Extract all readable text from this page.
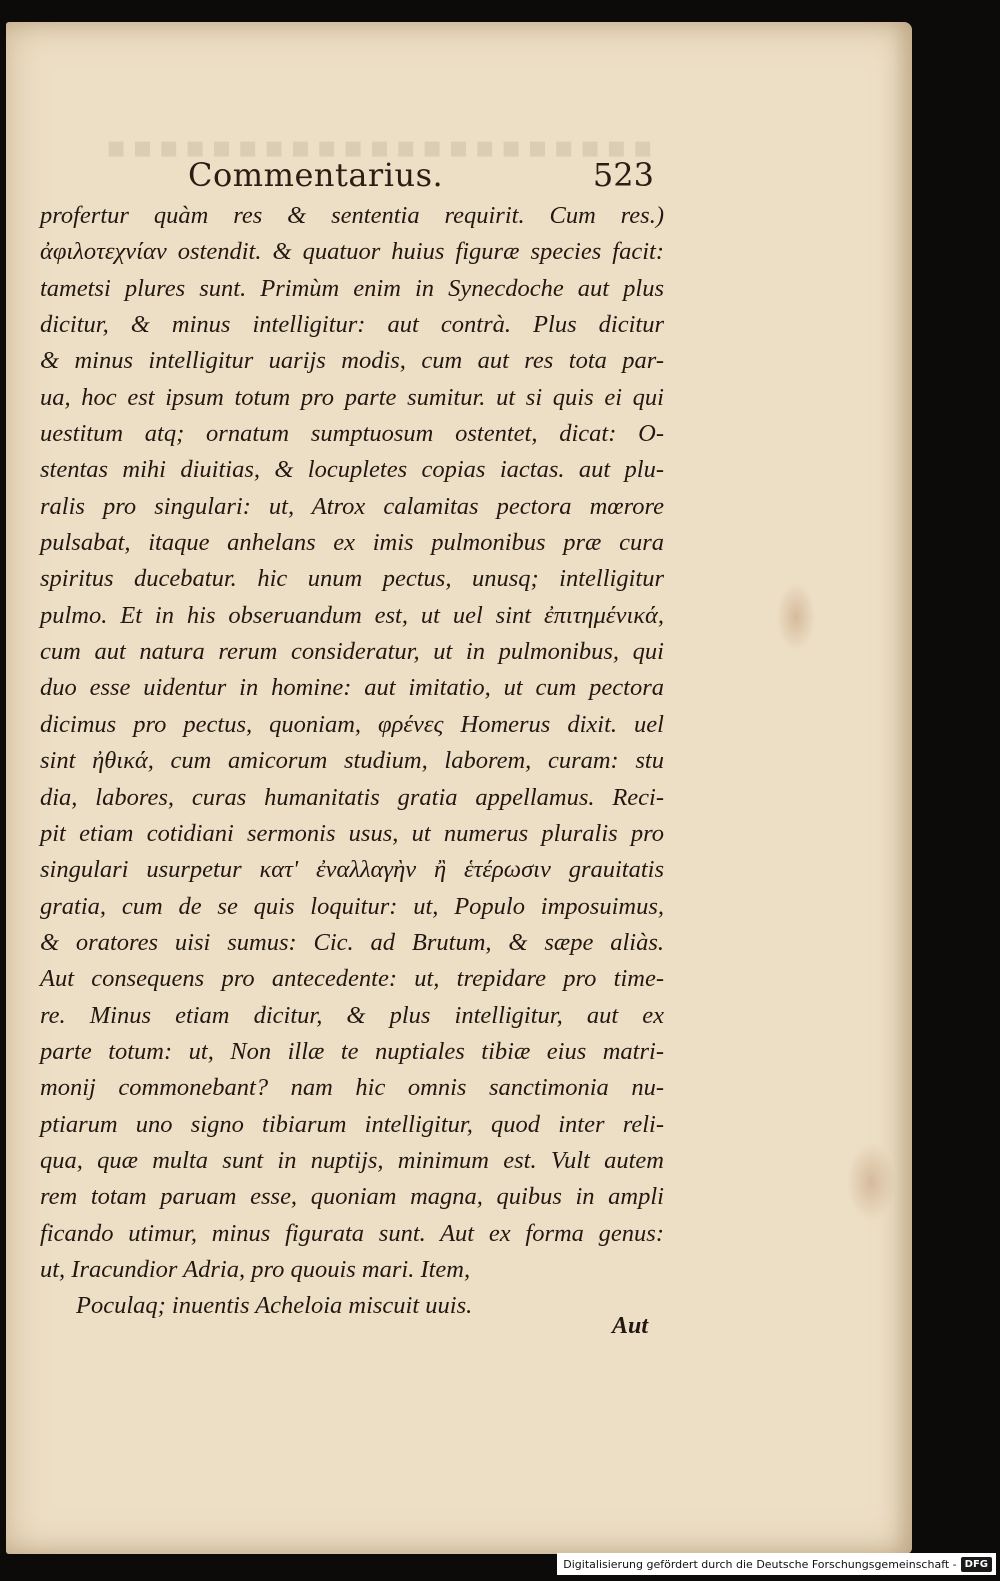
▪▪▪▪▪▪▪▪▪▪▪▪▪▪▪▪▪▪▪▪▪
Commentarius.	523
profertur quàm res & sententia requirit. Cum res.)
ἀφιλοτεχνίαν ostendit. & quatuor huius figuræ species facit:
tametsi plures sunt. Primùm enim in Synecdoche aut plus
dicitur, & minus intelligitur: aut contrà. Plus dicitur
& minus intelligitur uarijs modis, cum aut res tota par-
ua, hoc est ipsum totum pro parte sumitur. ut si quis ei qui
uestitum atq; ornatum sumptuosum ostentet, dicat: O-
stentas mihi diuitias, & locupletes copias iactas. aut plu-
ralis pro singulari: ut, Atrox calamitas pectora mœrore
pulsabat, itaque anhelans ex imis pulmonibus præ cura
spiritus ducebatur. hic unum pectus, unusq; intelligitur
pulmo. Et in his obseruandum est, ut uel sint ἐπιτημένικά,
cum aut natura rerum consideratur, ut in pulmonibus, qui
duo esse uidentur in homine: aut imitatio, ut cum pectora
dicimus pro pectus, quoniam, φρένες Homerus dixit. uel
sint ἠθικά, cum amicorum studium, laborem, curam: stu
dia, labores, curas humanitatis gratia appellamus. Reci-
pit etiam cotidiani sermonis usus, ut numerus pluralis pro
singulari usurpetur κατ' ἐναλλαγὴν ἢ ἑτέρωσιν grauitatis
gratia, cum de se quis loquitur: ut, Populo imposuimus,
& oratores uisi sumus: Cic. ad Brutum, & sæpe aliàs.
Aut consequens pro antecedente: ut, trepidare pro time-
re. Minus etiam dicitur, & plus intelligitur, aut ex
parte totum: ut, Non illæ te nuptiales tibiæ eius matri-
monij commonebant? nam hic omnis sanctimonia nu-
ptiarum uno signo tibiarum intelligitur, quod inter reli-
qua, quæ multa sunt in nuptijs, minimum est. Vult autem
rem totam paruam esse, quoniam magna, quibus in ampli
ficando utimur, minus figurata sunt. Aut ex forma genus:
ut, Iracundior Adria, pro quouis mari. Item,
Poculaq; inuentis Acheloia miscuit uuis.
Aut
Digitalisierung gefördert durch die Deutsche Forschungsgemeinschaft - DFG
